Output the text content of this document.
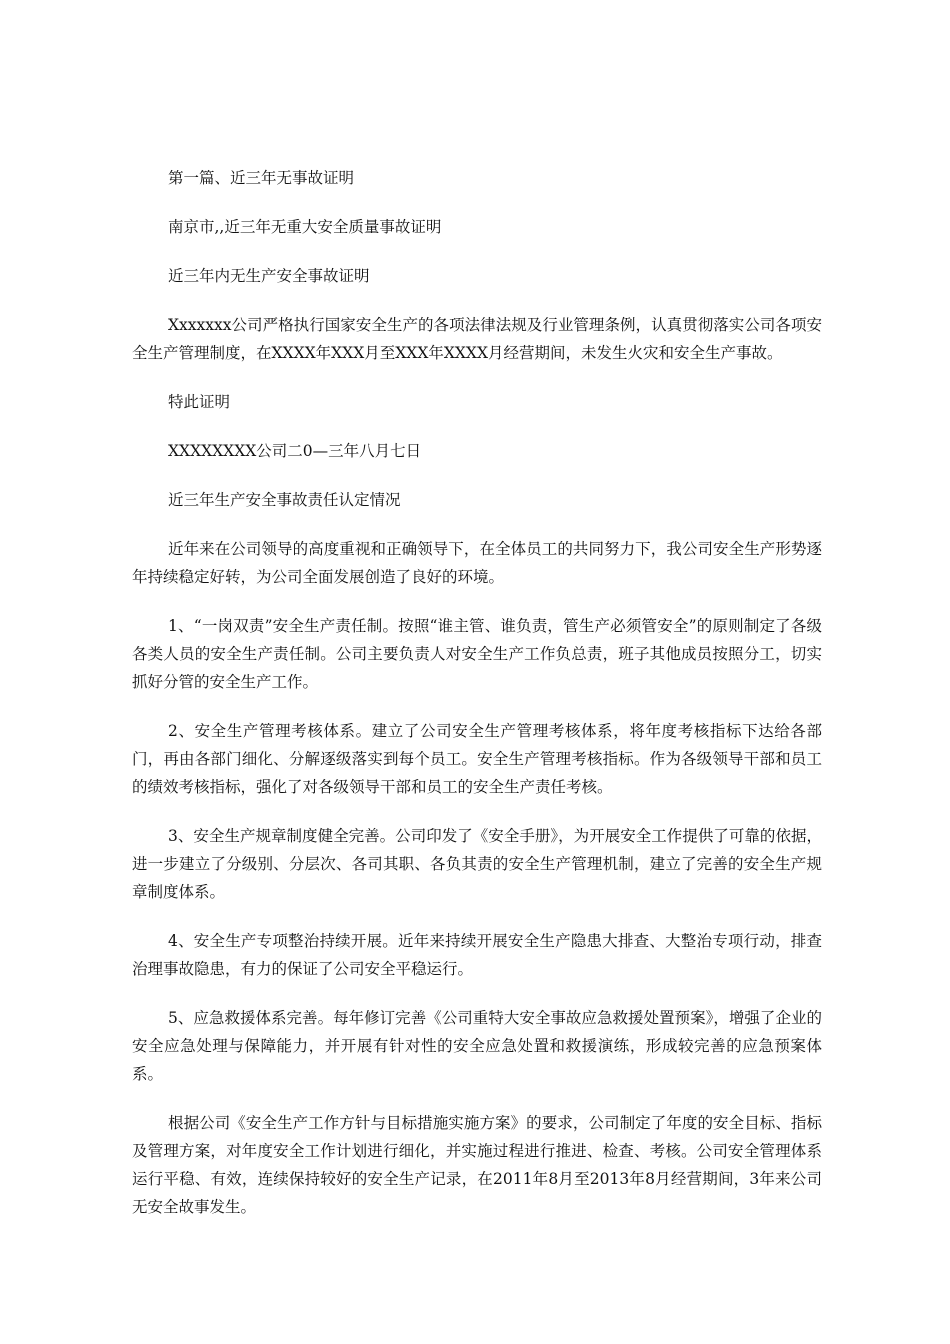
第一篇、近三年无事故证明

南京市,,近三年无重大安全质量事故证明

近三年内无生产安全事故证明

Xxxxxxx公司严格执行国家安全生产的各项法律法规及行业管理条例，认真贯彻落实公司各项安全生产管理制度，在XXXX年XXX月至XXX年XXXX月经营期间，未发生火灾和安全生产事故。

特此证明

XXXXXXXX公司二0—三年八月七日

近三年生产安全事故责任认定情况

近年来在公司领导的高度重视和正确领导下，在全体员工的共同努力下，我公司安全生产形势逐年持续稳定好转，为公司全面发展创造了良好的环境。

1、“一岗双责”安全生产责任制。按照“谁主管、谁负责，管生产必须管安全”的原则制定了各级各类人员的安全生产责任制。公司主要负责人对安全生产工作负总责，班子其他成员按照分工，切实抓好分管的安全生产工作。

2、安全生产管理考核体系。建立了公司安全生产管理考核体系，将年度考核指标下达给各部门，再由各部门细化、分解逐级落实到每个员工。安全生产管理考核指标。作为各级领导干部和员工的绩效考核指标，强化了对各级领导干部和员工的安全生产责任考核。

3、安全生产规章制度健全完善。公司印发了《安全手册》，为开展安全工作提供了可靠的依据，进一步建立了分级别、分层次、各司其职、各负其责的安全生产管理机制，建立了完善的安全生产规章制度体系。

4、安全生产专项整治持续开展。近年来持续开展安全生产隐患大排查、大整治专项行动，排查治理事故隐患，有力的保证了公司安全平稳运行。

5、应急救援体系完善。每年修订完善《公司重特大安全事故应急救援处置预案》，增强了企业的安全应急处理与保障能力，并开展有针对性的安全应急处置和救援演练，形成较完善的应急预案体系。

根据公司《安全生产工作方针与目标措施实施方案》的要求，公司制定了年度的安全目标、指标及管理方案，对年度安全工作计划进行细化，并实施过程进行推进、检查、考核。公司安全管理体系运行平稳、有效，连续保持较好的安全生产记录，在2011年8月至2013年8月经营期间，3年来公司无安全故事发生。
